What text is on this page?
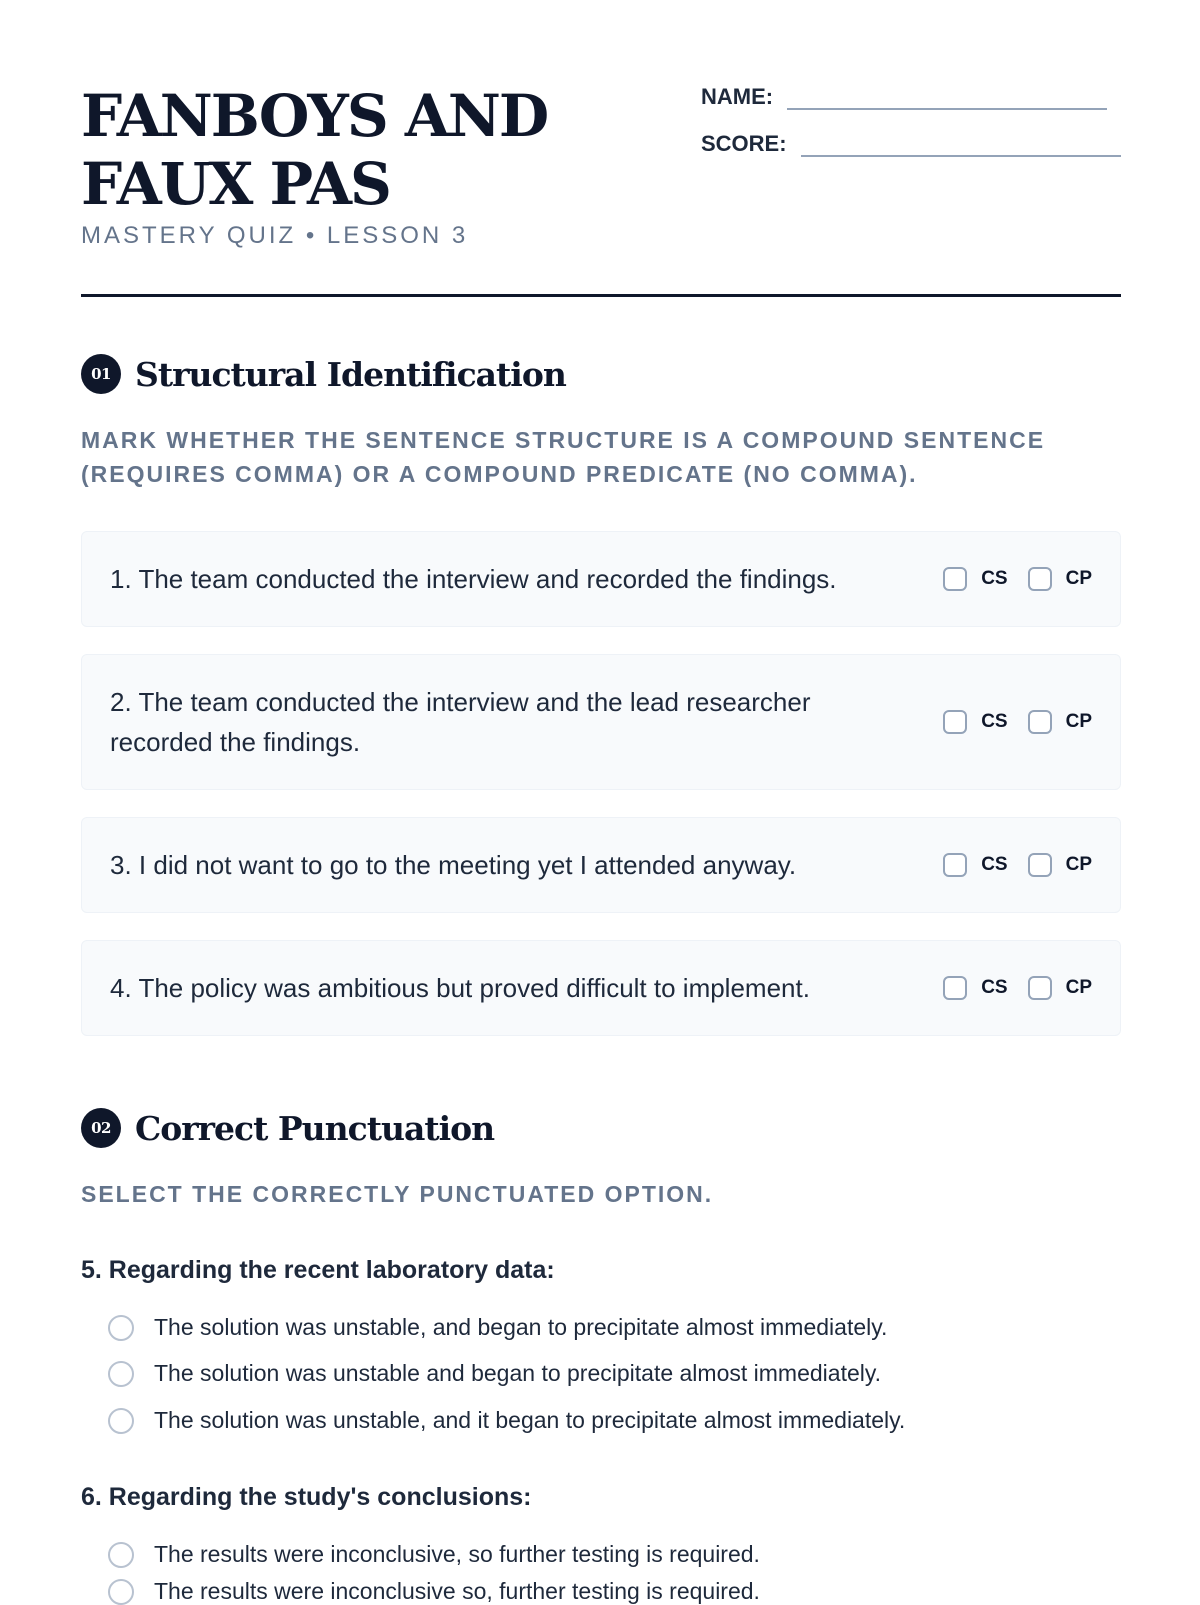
FANBOYS AND FAUX PAS
MASTERY QUIZ • LESSON 3
NAME:
SCORE:
01 Structural Identification
MARK WHETHER THE SENTENCE STRUCTURE IS A COMPOUND SENTENCE (REQUIRES COMMA) OR A COMPOUND PREDICATE (NO COMMA).
1. The team conducted the interview and recorded the findings.	CS	CP
2. The team conducted the interview and the lead researcher recorded the findings.
CS	CP
3. I did not want to go to the meeting yet I attended anyway.	CS	CP
4. The policy was ambitious but proved difficult to implement.	CS	CP
02 Correct Punctuation
SELECT THE CORRECTLY PUNCTUATED OPTION.
5. Regarding the recent laboratory data:
The solution was unstable, and began to precipitate almost immediately.
The solution was unstable and began to precipitate almost immediately.
The solution was unstable, and it began to precipitate almost immediately.
6. Regarding the study's conclusions:
The results were inconclusive, so further testing is required.
The results were inconclusive so, further testing is required.
